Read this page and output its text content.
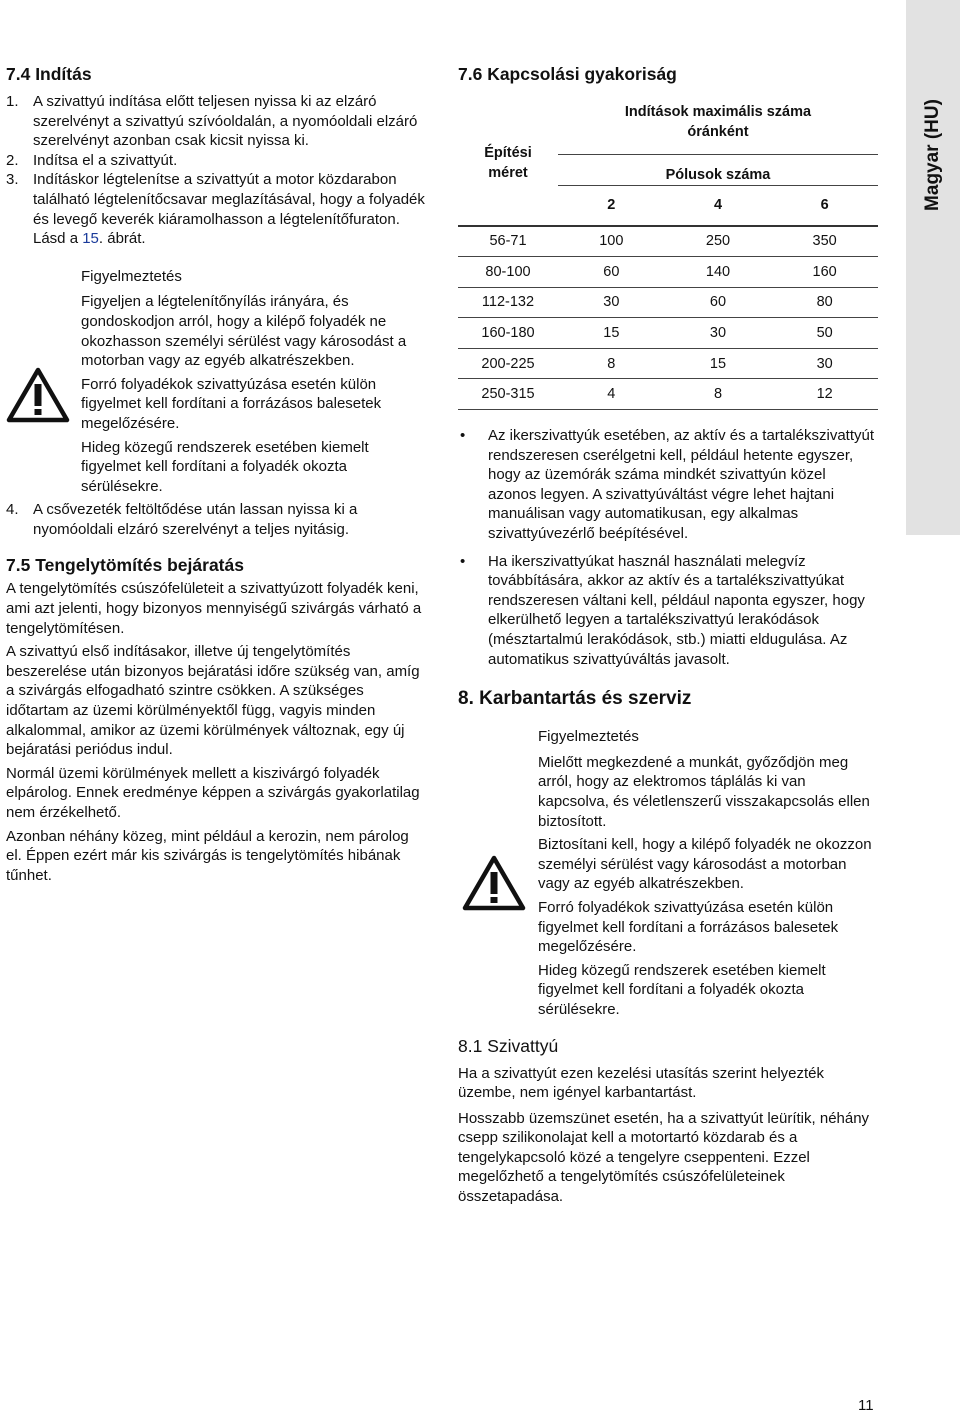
7.4 Indítás
1. A szivattyú indítása előtt teljesen nyissa ki az elzáró szerelvényt a szivattyú szívóoldalán, a nyomóoldali elzáró szerelvényt azonban csak kicsit nyissa ki.
2. Indítsa el a szivattyút.
3. Indításkor légtelenítse a szivattyút a motor közdarabon található légtelenítőcsavar meglazításával, hogy a folyadék és levegő keverék kiáramolhasson a légtelenítőfuraton.
Lásd a 15. ábrát.

Figyelmeztetés

Figyeljen a légtelenítőnyílás irányára, és gondoskodjon arról, hogy a kilépő folyadék ne okozhasson személyi sérülést vagy károsodást a motorban vagy az egyéb alkatrészekben.

Forró folyadékok szivattyúzása esetén külön figyelmet kell fordítani a forrázásos balesetek megelőzésére.

Hideg közegű rendszerek esetében kiemelt figyelmet kell fordítani a folyadék okozta sérülésekre.

4. A csővezeték feltöltődése után lassan nyissa ki a nyomóoldali elzáró szerelvényt a teljes nyitásig.
7.5 Tengelytömítés bejáratás

A tengelytömítés csúszófelületeit a szivattyúzott folyadék keni, ami azt jelenti, hogy bizonyos mennyiségű szivárgás várható a tengelytömítésen.

A szivattyú első indításakor, illetve új tengelytömítés beszerelése után bizonyos bejáratási időre szükség van, amíg a szivárgás elfogadható szintre csökken. A szükséges időtartam az üzemi körülményektől függ, vagyis minden alkalommal, amikor az üzemi körülmények változnak, egy új bejáratási periódus indul.

Normál üzemi körülmények mellett a kiszivárgó folyadék elpárolog. Ennek eredménye képpen a szivárgás gyakorlatilag nem érzékelhető.

Azonban néhány közeg, mint például a kerozin, nem párolog el. Éppen ezért már kis szivárgás is tengelytömítés hibának tűnhet.

7.6 Kapcsolási gyakoriság
Építési méret	Indítások maximális száma óránként
Pólusok száma		

	2	4	6
56-71	100	250	350
80-100	60	140	160
112-132	30	60	80
160-180	15	30	50
200-225	8	15	30
250-315	4	8	12
• Az ikerszivattyúk esetében, az aktív és a tartalékszivattyút rendszeresen cserélgetni kell, például hetente egyszer, hogy az üzemórák száma mindkét szivattyún közel azonos legyen. A szivattyúváltást végre lehet hajtani manuálisan vagy automatikusan, egy alkalmas szivattyúvezérlő beépítésével.
• Ha ikerszivattyúkat használ használati melegvíz továbbítására, akkor az aktív és a tartalékszivattyúkat rendszeresen váltani kell, például naponta egyszer, hogy elkerülhető legyen a tartalékszivattyú lerakódások (mésztartalmú lerakódások, stb.) miatti eldugulása. Az automatikus szivattyúváltás javasolt.
8. Karbantartás és szerviz

Figyelmeztetés

Mielőtt megkezdené a munkát, győződjön meg arról, hogy az elektromos táplálás ki van kapcsolva, és véletlenszerű visszakapcsolás ellen biztosított.

Biztosítani kell, hogy a kilépő folyadék ne okozzon személyi sérülést vagy károsodást a motorban vagy az egyéb alkatrészekben.

Forró folyadékok szivattyúzása esetén külön figyelmet kell fordítani a forrázásos balesetek megelőzésére.

Hideg közegű rendszerek esetében kiemelt figyelmet kell fordítani a folyadék okozta sérülésekre.

8.1 Szivattyú

Ha a szivattyút ezen kezelési utasítás szerint helyezték üzembe, nem igényel karbantartást.

Hosszabb üzemszünet esetén, ha a szivattyút leürítik, néhány csepp szilikonolajat kell a motortartó közdarab és a tengelykapcsoló közé a tengelyre cseppenteni. Ezzel megelőzhető a tengelytömítés csúszófelületeinek összetapadása.

Magyar (HU)
11
